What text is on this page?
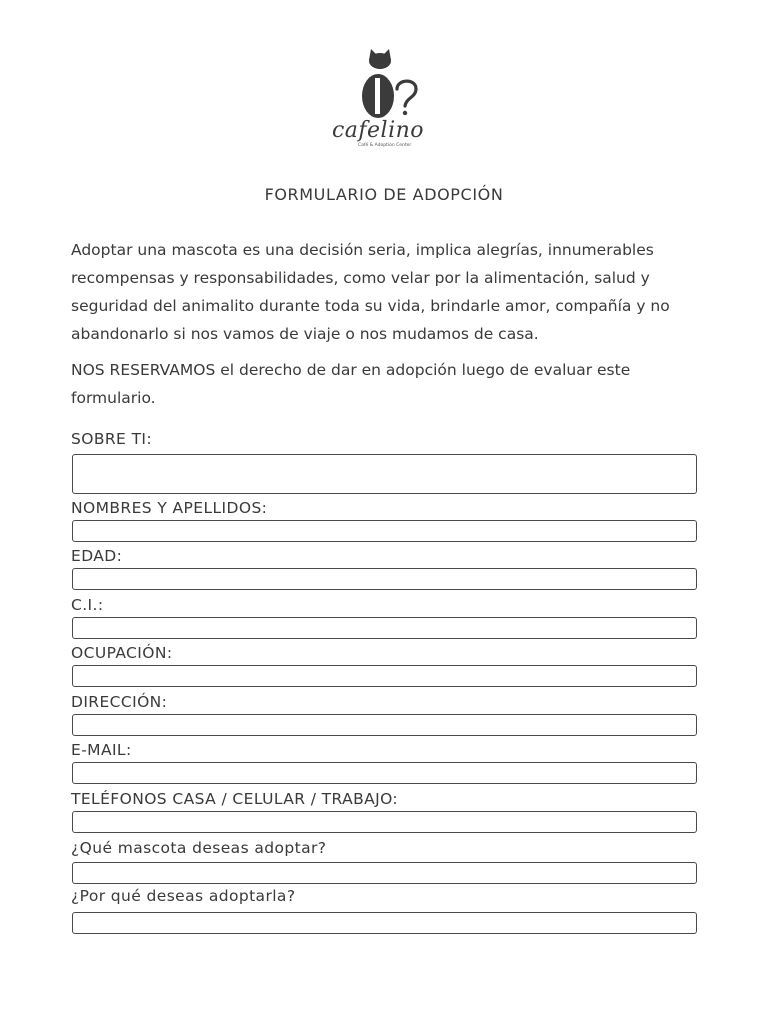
cafelino
Café & Adoption Center
FORMULARIO DE ADOPCIÓN

Adoptar una mascota es una decisión seria, implica alegrías, innumerables recompensas y responsabilidades, como velar por la alimentación, salud y seguridad del animalito durante toda su vida, brindarle amor, compañía y no abandonarlo si nos vamos de viaje o nos mudamos de casa.

NOS RESERVAMOS el derecho de dar en adopción luego de evaluar este formulario.

SOBRE TI:
NOMBRES Y APELLIDOS:
EDAD:
C.I.:
OCUPACIÓN:
DIRECCIÓN:
E-MAIL:
TELÉFONOS CASA / CELULAR / TRABAJO:
¿Qué mascota deseas adoptar?
¿Por qué deseas adoptarla?
